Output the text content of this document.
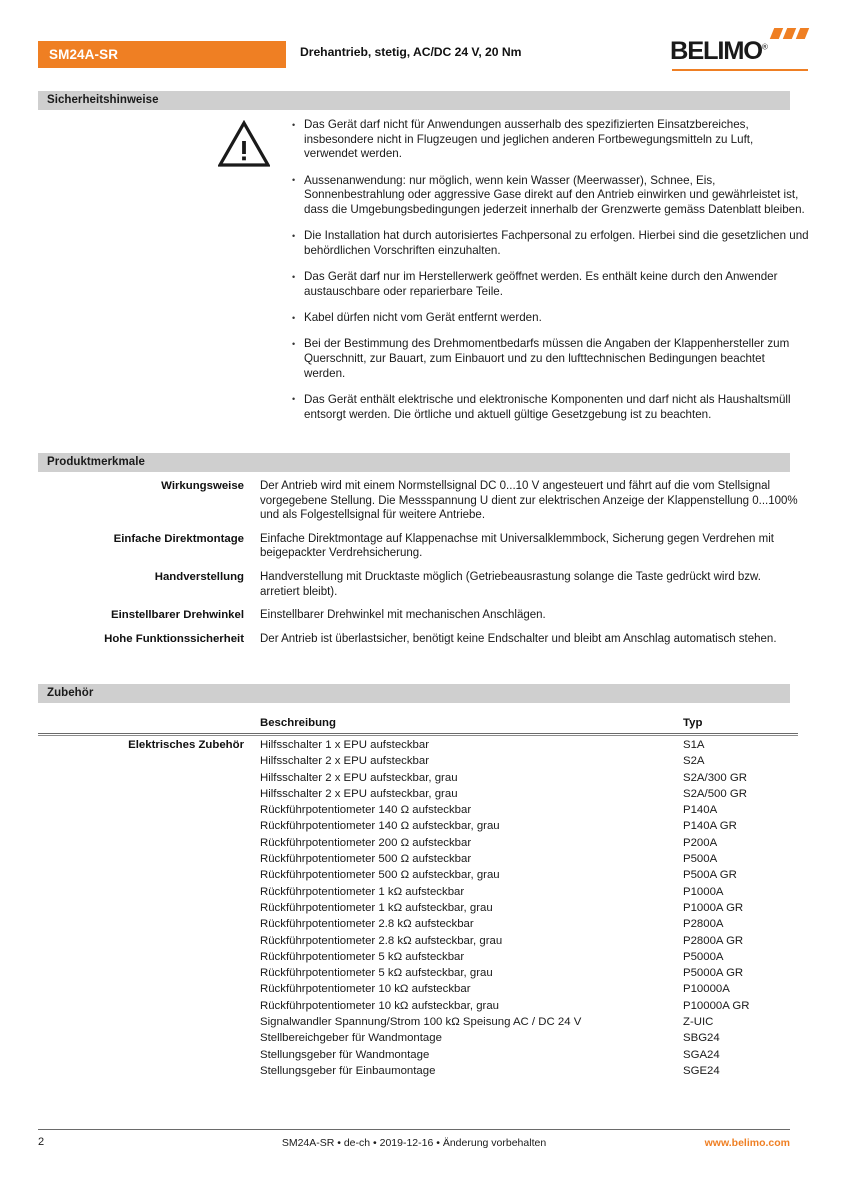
SM24A-SR	Drehantrieb, stetig, AC/DC 24 V, 20 Nm	BELIMO®
Sicherheitshinweise
• Das Gerät darf nicht für Anwendungen ausserhalb des spezifizierten Einsatzbereiches, insbesondere nicht in Flugzeugen und jeglichen anderen Fortbewegungsmitteln zu Luft, verwendet werden.
• Aussenanwendung: nur möglich, wenn kein Wasser (Meerwasser), Schnee, Eis, Sonnenbestrahlung oder aggressive Gase direkt auf den Antrieb einwirken und gewährleistet ist, dass die Umgebungsbedingungen jederzeit innerhalb der Grenzwerte gemäss Datenblatt bleiben.
• Die Installation hat durch autorisiertes Fachpersonal zu erfolgen. Hierbei sind die gesetzlichen und behördlichen Vorschriften einzuhalten.
• Das Gerät darf nur im Herstellerwerk geöffnet werden. Es enthält keine durch den Anwender austauschbare oder reparierbare Teile.
• Kabel dürfen nicht vom Gerät entfernt werden.
• Bei der Bestimmung des Drehmomentbedarfs müssen die Angaben der Klappenhersteller zum Querschnitt, zur Bauart, zum Einbauort und zu den lufttechnischen Bedingungen beachtet werden.
• Das Gerät enthält elektrische und elektronische Komponenten und darf nicht als Haushaltsmüll entsorgt werden. Die örtliche und aktuell gültige Gesetzgebung ist zu beachten.
Produktmerkmale
Wirkungsweise	Der Antrieb wird mit einem Normstellsignal DC 0...10 V angesteuert und fährt auf die vom Stellsignal vorgegebene Stellung. Die Messspannung U dient zur elektrischen Anzeige der Klappenstellung 0...100% und als Folgestellsignal für weitere Antriebe.
Einfache Direktmontage	Einfache Direktmontage auf Klappenachse mit Universalklemmbock, Sicherung gegen Verdrehen mit beigepackter Verdrehsicherung.
Handverstellung	Handverstellung mit Drucktaste möglich (Getriebeausrastung solange die Taste gedrückt wird bzw. arretiert bleibt).
Einstellbarer Drehwinkel	Einstellbarer Drehwinkel mit mechanischen Anschlägen.
Hohe Funktionssicherheit	Der Antrieb ist überlastsicher, benötigt keine Endschalter und bleibt am Anschlag automatisch stehen.
Zubehör
Beschreibung	Typ
Elektrisches Zubehör	Hilfsschalter 1 x EPU aufsteckbar	S1A
Hilfsschalter 2 x EPU aufsteckbar	S2A
Hilfsschalter 2 x EPU aufsteckbar, grau	S2A/300 GR
Hilfsschalter 2 x EPU aufsteckbar, grau	S2A/500 GR
Rückführpotentiometer 140 Ω aufsteckbar	P140A
Rückführpotentiometer 140 Ω aufsteckbar, grau	P140A GR
Rückführpotentiometer 200 Ω aufsteckbar	P200A
Rückführpotentiometer 500 Ω aufsteckbar	P500A
Rückführpotentiometer 500 Ω aufsteckbar, grau	P500A GR
Rückführpotentiometer 1 kΩ aufsteckbar	P1000A
Rückführpotentiometer 1 kΩ aufsteckbar, grau	P1000A GR
Rückführpotentiometer 2.8 kΩ aufsteckbar	P2800A
Rückführpotentiometer 2.8 kΩ aufsteckbar, grau	P2800A GR
Rückführpotentiometer 5 kΩ aufsteckbar	P5000A
Rückführpotentiometer 5 kΩ aufsteckbar, grau	P5000A GR
Rückführpotentiometer 10 kΩ aufsteckbar	P10000A
Rückführpotentiometer 10 kΩ aufsteckbar, grau	P10000A GR
Signalwandler Spannung/Strom 100 kΩ Speisung AC / DC 24 V	Z-UIC
Stellbereichgeber für Wandmontage	SBG24
Stellungsgeber für Wandmontage	SGA24
Stellungsgeber für Einbaumontage	SGE24
2	SM24A-SR • de-ch • 2019-12-16 • Änderung vorbehalten	www.belimo.com
